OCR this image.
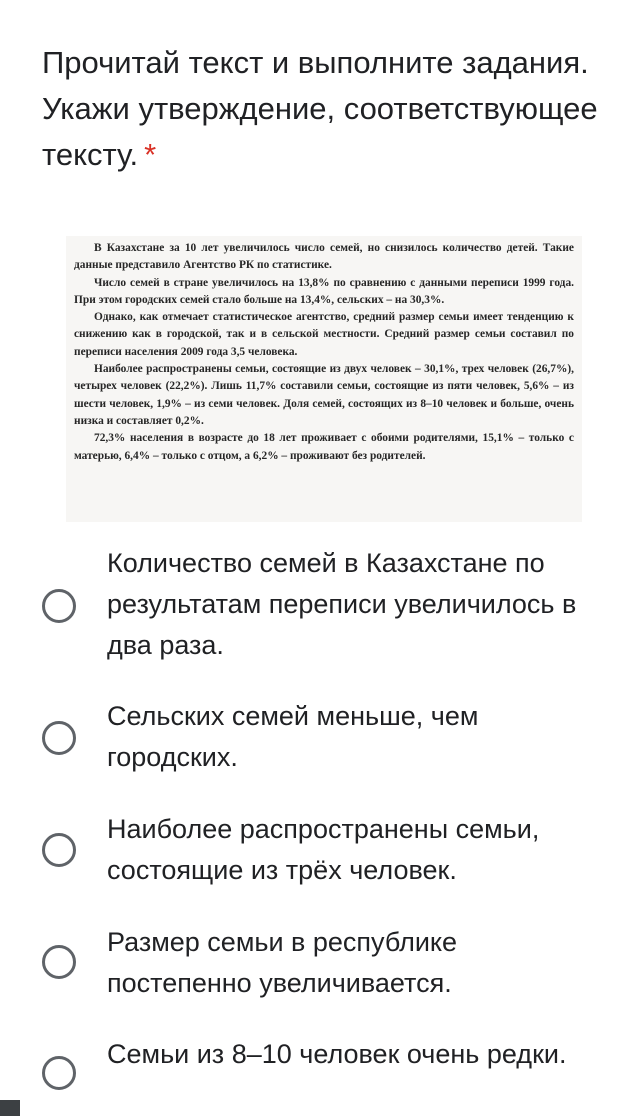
Прочитай текст и выполните задания. Укажи утверждение, соответствующее тексту. *

В Казахстане за 10 лет увеличилось число семей, но снизилось количество детей. Такие данные представило Агентство РК по статистике.

Число семей в стране увеличилось на 13,8% по сравнению с данными переписи 1999 года. При этом городских семей стало больше на 13,4%, сельских – на 30,3%.

Однако, как отмечает статистическое агентство, средний размер семьи имеет тенденцию к снижению как в городской, так и в сельской местности. Средний размер семьи составил по переписи населения 2009 года 3,5 человека.

Наиболее распространены семьи, состоящие из двух человек – 30,1%, трех человек (26,7%), четырех человек (22,2%). Лишь 11,7% составили семьи, состоящие из пяти человек, 5,6% – из шести человек, 1,9% – из семи человек. Доля семей, состоящих из 8–10 человек и больше, очень низка и составляет 0,2%.

72,3% населения в возрасте до 18 лет проживает с обоими родителями, 15,1% – только с матерью, 6,4% – только с отцом, а 6,2% – проживают без родителей.

Количество семей в Казахстане по результатам переписи увеличилось в два раза.
Сельских семей меньше, чем городских.
Наиболее распространены семьи, состоящие из трёх человек.
Размер семьи в республике постепенно увеличивается.
Семьи из 8–10 человек очень редки.
